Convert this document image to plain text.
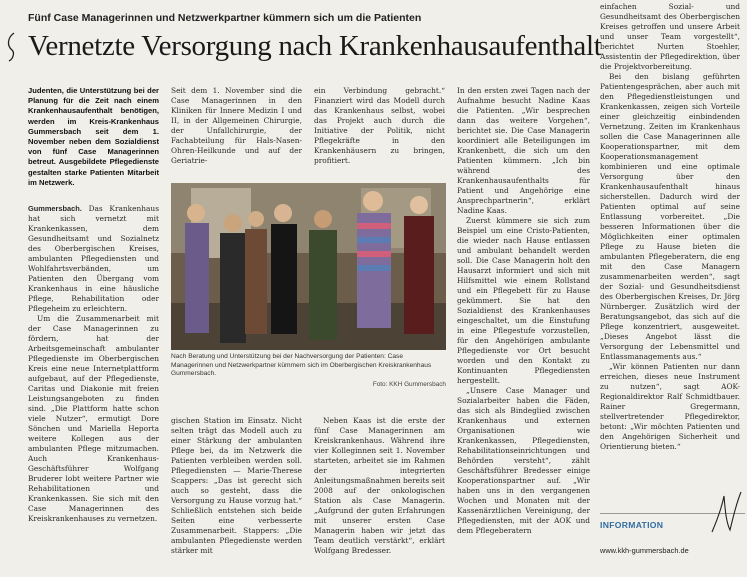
Fünf Case Managerinnen und Netzwerkpartner kümmern sich um die Patienten
Vernetzte Versorgung nach Krankenhausaufenthalt

Judenten, die Unterstützung bei der Planung für die Zeit nach einem Krankenhausaufenthalt benötigen, werden im Kreis-Krankenhaus Gummersbach seit dem 1. November neben dem Sozialdienst von fünf Case Managerinnen betreut. Ausgebildete Pflegedienste gestalten starke Patienten Mitarbeit im Netzwerk.

Gummersbach. Das Krankenhaus hat sich vernetzt mit Krankenkassen, dem Gesundheitsamt und Sozialnetz des Oberbergischen Kreises, ambulanten Pflegediensten und Wohlfahrtsverbänden, um Patienten den Übergang vom Krankenhaus in eine häusliche Pflege, Rehabilitation oder Pflegeheim zu erleichtern.

Um die Zusammenarbeit mit der Case Managerinnen zu fördern, hat der Arbeitsgemeinschaft ambulanter Pflegedienste im Oberbergischen Kreis eine neue Internetplattform aufgebaut, auf der Pflegedienste, Caritas und Diakonie mit freien Leistungsangeboten zu finden sind. „Die Plattform hatte schon viele Nutzer“, ermutigt Dore Sönchen und Mariella Heporta weitere Kollegen aus der ambulanten Pflege mitzumachen. Auch Krankenhaus-Geschäftsführer Wolfgang Bruderer lobt weitere Partner wie Rehabilitationen und Krankenkassen. Sie sich mit den Case Managerinnen des Kreiskrankenhauses zu vernetzen.

Seit dem 1. November sind die Case Managerinnen in den Kliniken für Innere Medizin I und II, in der Allgemeinen Chirurgie, der Unfallchirurgie, der Fachabteilung für Hals-Nasen-Ohren-Heilkunde und auf der Geriatrie-

ein Verbindung gebracht.“ Finanziert wird das Modell durch das Krankenhaus selbst, wobei das Projekt auch durch die Initiative der Politik, nicht Pflegekräfte in den Krankenhäusern zu bringen, profitiert.

Nach Beratung und Unterstützung bei der Nachversorgung der Patienten: Case Managerinnen und Netzwerkpartner kümmern sich im Oberbergischen Kreiskrankenhaus Gummersbach.
Foto: KKH Gummersbach

gischen Station im Einsatz. Nicht selten trägt das Modell auch zu einer Stärkung der ambulanten Pflege bei, da im Netzwerk die Patienten verbleiben werden soll. Pflegediensten — Marie-Therese Scappers: „Das ist gerecht sich auch so gesteht, dass die Versorgung zu Hause vorzug hat.“ Schließlich entstehen sich beide Seiten eine verbesserte Zusammenarbeit. Stappers: „Die ambulanten Pflegedienste werden stärker mit

Neben Kaas ist die erste der fünf Case Managerinnen am Kreiskrankenhaus. Während ihre vier Kolleginnen seit 1. November starteten, arbeitet sie im Rahmen der integrierten Anleitungsmaßnahmen bereits seit 2008 auf der onkologischen Station als Case Managerin. „Aufgrund der guten Erfahrungen mit unserer ersten Case Managerin haben wir jetzt das Team deutlich verstärkt“, erklärt Wolfgang Bredesser.

In den ersten zwei Tagen nach der Aufnahme besucht Nadine Kaas die Patienten. „Wir besprechen dann das weitere Vorgehen“, berichtet sie. Die Case Managerin koordiniert alle Beteiligungen im Krankenbett, die sich um den Patienten kümmern. „Ich bin während des Krankenhausaufenthalts für Patient und Angehörige eine Ansprechpartnerin“, erklärt Nadine Kaas.

Zuerst kümmere sie sich zum Beispiel um eine Cristo-Patienten, die wieder nach Hause entlassen und ambulant behandelt werden soll. Die Case Managerin holt den Hausarzt informiert und sich mit Hilfsmittel wie einem Rollstand und ein Pflegebett für zu Hause gekümmert. Sie hat den Sozialdienst des Krankenhauses eingeschaltet, um die Einstufung in eine Pflegestufe vorzustellen, für den Angehörigen ambulante Pflegedienste vor Ort besucht worden und den Kontakt zu Kontinuanten Pflegediensten hergestellt.

„Unsere Case Manager und Sozialarbeiter haben die Fäden, das sich als Bindeglied zwischen Krankenhaus und externen Organisationen wie Krankenkassen, Pflegediensten, Rehabilitationseinrichtungen und Behörden versteht“, zählt Geschäftsführer Bredesser einige Kooperationspartner auf. „Wir haben uns in den vergangenen Wochen und Monaten mit der Kassenärztlichen Vereinigung, der Pflegediensten, mit der AOK und dem Pflegeberatern

einfachen Sozial- und Gesundheitsamt des Oberbergischen Kreises getroffen und unsere Arbeit und unser Team vorgestellt“, berichtet Nurten Stoehler, Assistentin der Pflegedirektion, über die Projektvorbereitung.

Bei den bislang geführten Patientengesprächen, aber auch mit den Pflegedienstleistungen und Krankenkassen, zeigen sich Vorteile einer gleichzeitig einbindenden Vernetzung. Zeiten im Krankenhaus sollen die Case Managerinnen alle Kooperationspartner, mit dem Kooperationsmanagement kombinieren und eine optimale Versorgung über den Krankenhausaufenthalt hinaus sicherstellen. Dadurch wird der Patienten optimal auf seine Entlassung vorbereitet. „Die besseren Informationen über die Möglichkeiten einer optimalen Pflege zu Hause bieten die ambulanten Pflegeberatern, die eng mit den Case Managern zusammenarbeiten werden“, sagt der Sozial- und Gesundheitsdienst des Oberbergischen Kreises, Dr. Jörg Nürnberger. Zusätzlich wird der Beratungsangebot, das sich auf die Pflege konzentriert, ausgeweitet. „Dieses Angebot lässt die Versorgung der Lebensmittel und Entlassmanagements aus.“

„Wir können Patienten nur dann erreichen, dieses neue Instrument zu nutzen“, sagt AOK-Regionaldirektor Ralf Schmidtbauer. Rainer Gregermann, stellvertretender Pflegedirektor, betont: „Wir möchten Patienten und den Angehörigen Sicherheit und Orientierung bieten.“

INFORMATION
www.kkh-gummersbach.de
